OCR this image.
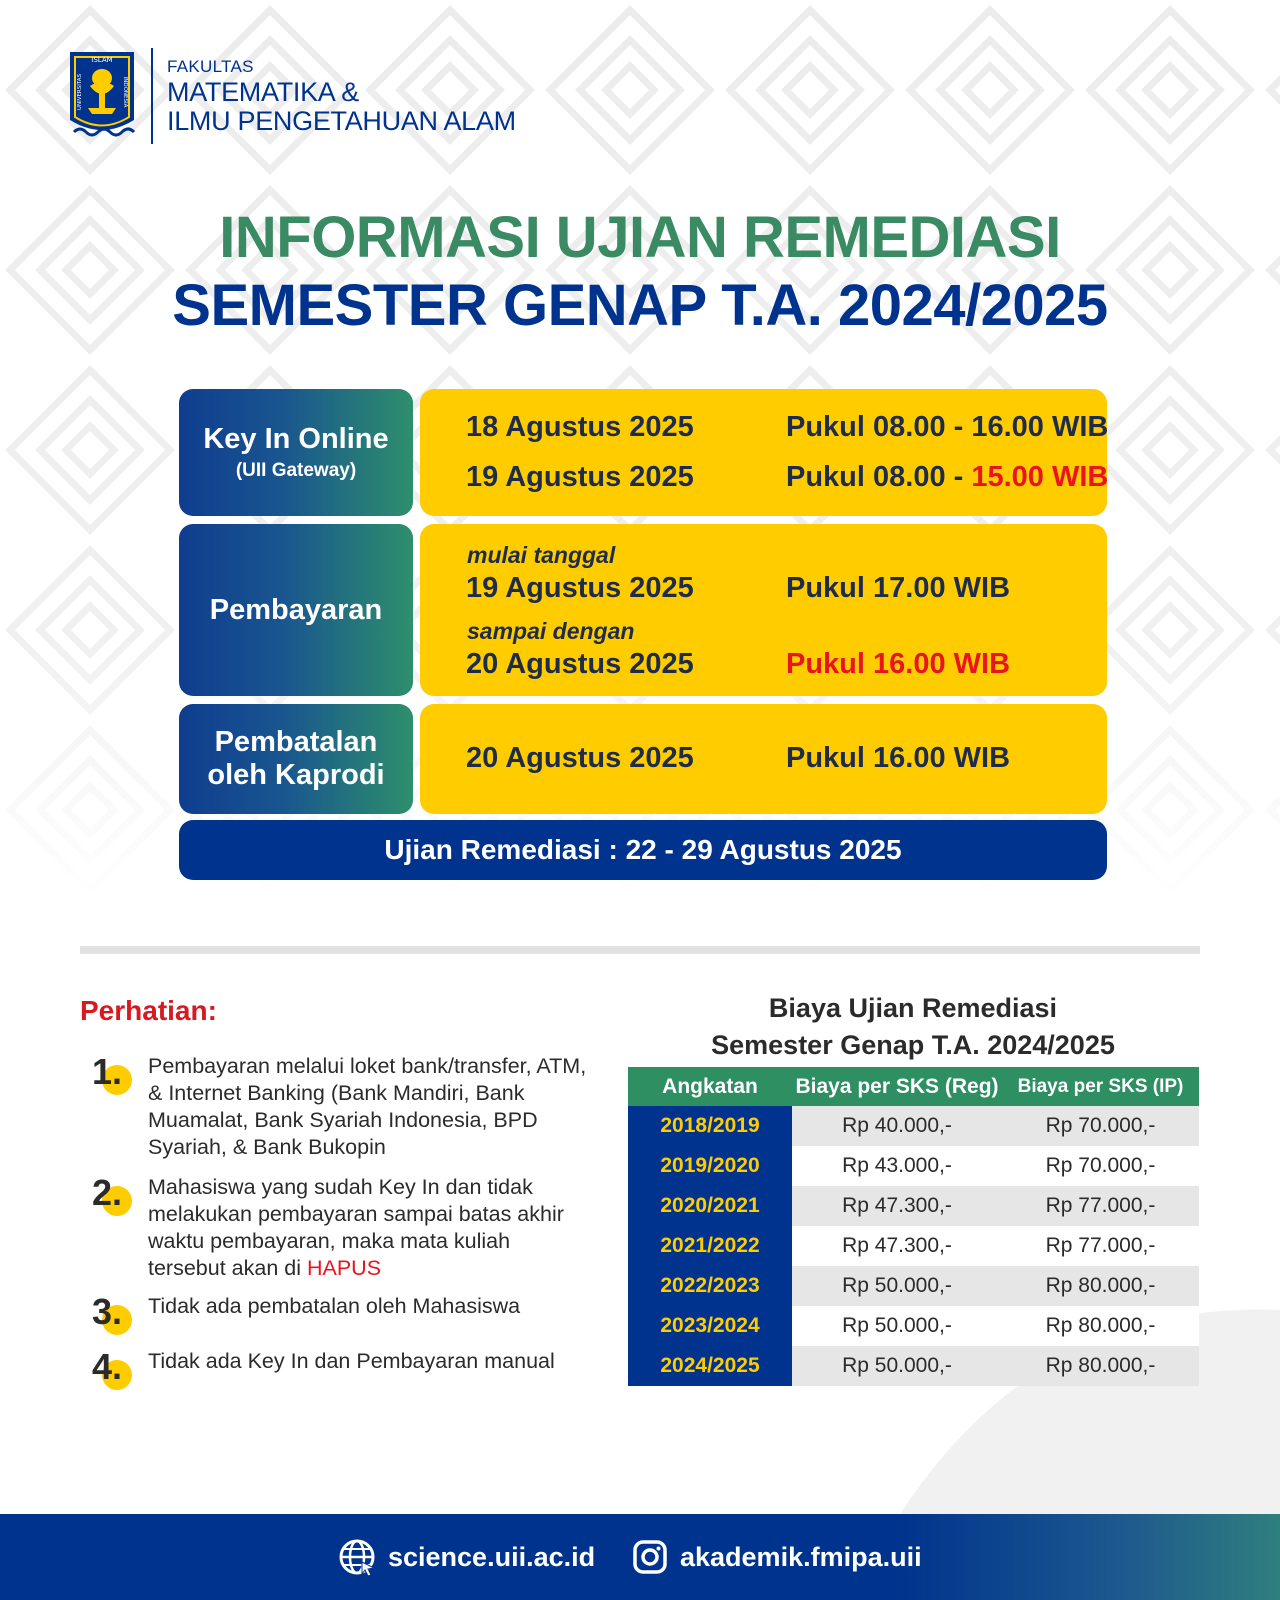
ISLAM
UNIVERSITAS	INDONESIA
FAKULTAS
MATEMATIKA &
ILMU PENGETAHUAN ALAM
INFORMASI UJIAN REMEDIASI
SEMESTER GENAP T.A. 2024/2025
Key In Online
(UII Gateway)
18 Agustus 2025	Pukul 08.00 - 16.00 WIB
19 Agustus 2025	Pukul 08.00 - 15.00 WIB
Pembayaran
mulai tanggal
19 Agustus 2025	Pukul 17.00 WIB
sampai dengan
20 Agustus 2025	Pukul 16.00 WIB
Pembatalan
oleh Kaprodi
20 Agustus 2025	Pukul 16.00 WIB
Ujian Remediasi : 22 - 29 Agustus 2025
Perhatian:
1. Pembayaran melalui loket bank/transfer, ATM, & Internet Banking (Bank Mandiri, Bank Muamalat, Bank Syariah Indonesia, BPD Syariah, & Bank Bukopin
2. Mahasiswa yang sudah Key In dan tidak melakukan pembayaran sampai batas akhir waktu pembayaran, maka mata kuliah tersebut akan di HAPUS
3. Tidak ada pembatalan oleh Mahasiswa
4. Tidak ada Key In dan Pembayaran manual
Biaya Ujian Remediasi
Semester Genap T.A. 2024/2025
Angkatan	Biaya per SKS (Reg)	Biaya per SKS (IP)
2018/2019	Rp 40.000,-	Rp 70.000,-
2019/2020	Rp 43.000,-	Rp 70.000,-
2020/2021	Rp 47.300,-	Rp 77.000,-
2021/2022	Rp 47.300,-	Rp 77.000,-
2022/2023	Rp 50.000,-	Rp 80.000,-
2023/2024	Rp 50.000,-	Rp 80.000,-
2024/2025	Rp 50.000,-	Rp 80.000,-
science.uii.ac.id	akademik.fmipa.uii
